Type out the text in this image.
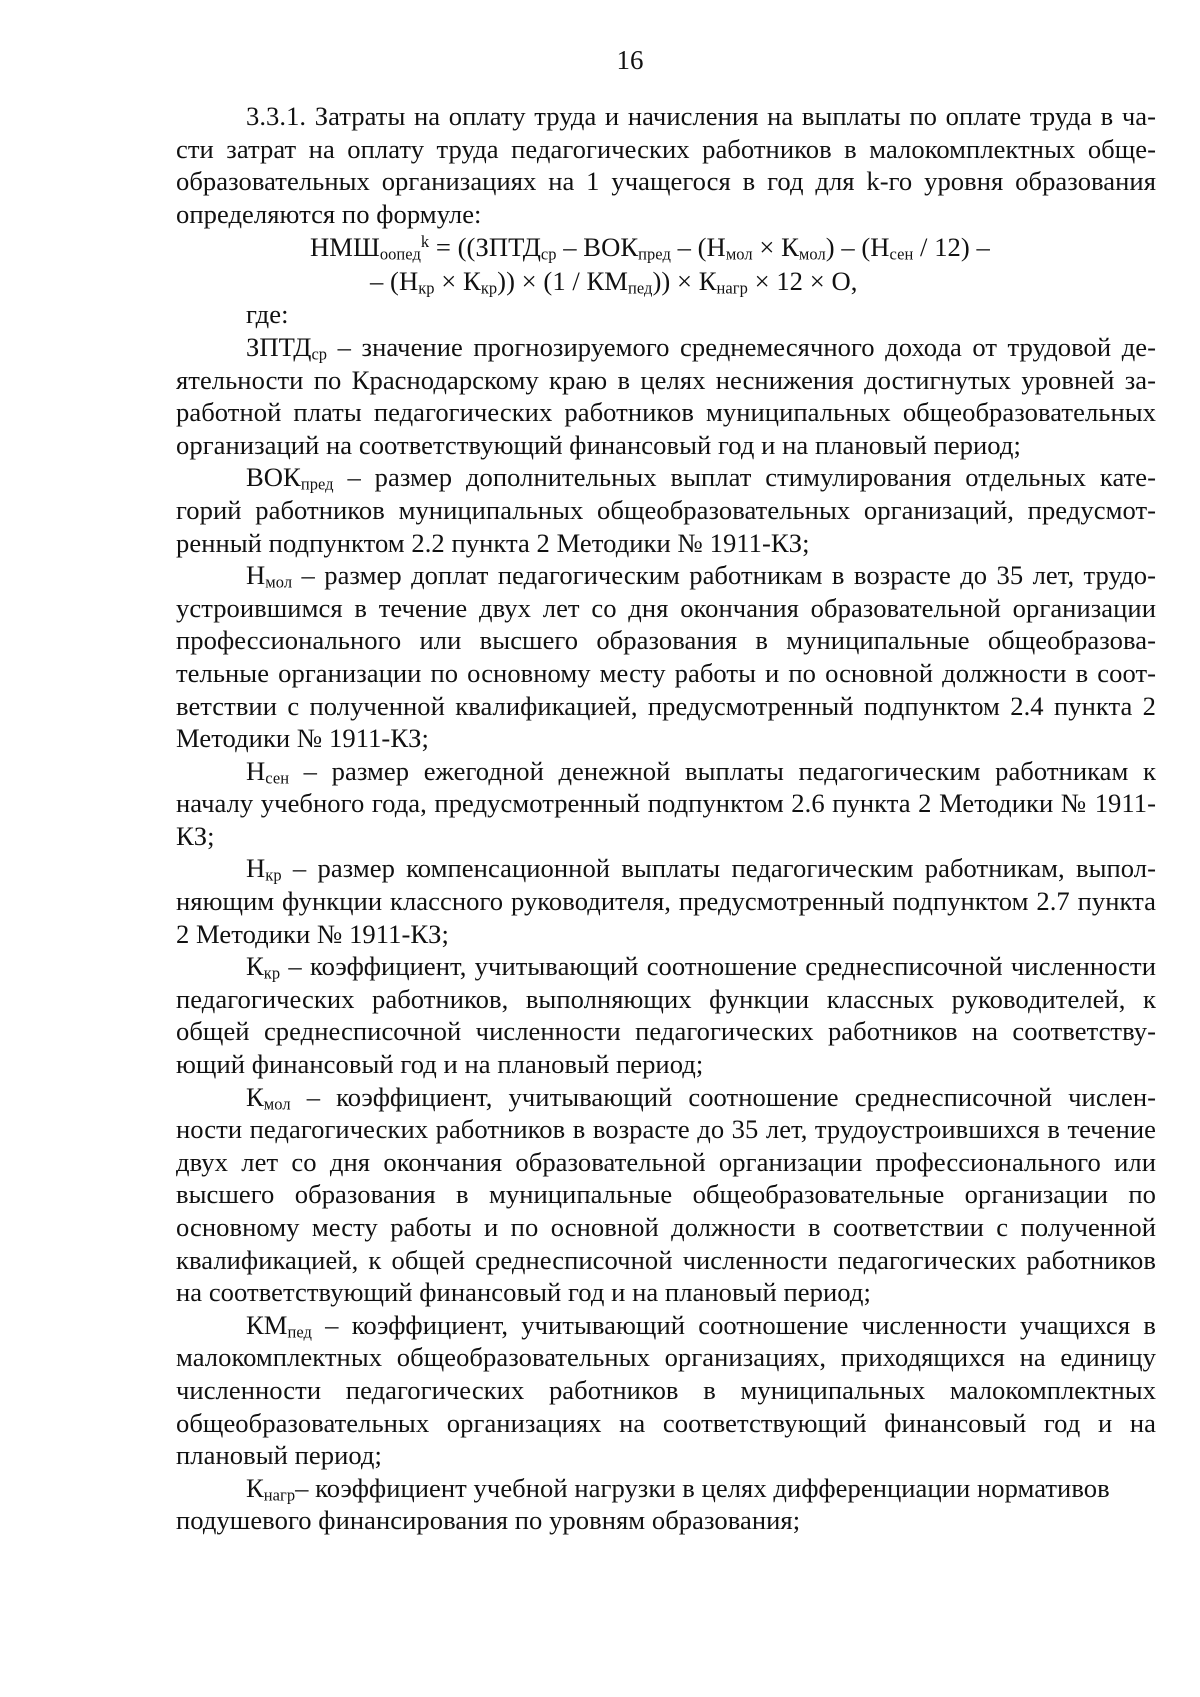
16

3.3.1. Затраты на оплату труда и начисления на выплаты по оплате труда в части затрат на оплату труда педагогических работников в малокомплектных общеобразовательных организациях на 1 учащегося в год для k-го уровня образования определяются по формуле:

$НМШ_{оопед}^k$ = (($ЗПТД_{ср} - ВОК_{пред} - (Н_{мол} \times К_{мол}) - (Н_{сен} / 12)$ –

– $(Н_{кр} \times К_{кр})) \times (1 / КМ_{пед})) \times К_{нагр} \times 12 \times О$,

где:

$ЗПТД_{ср}$ – значение прогнозируемого среднемесячного дохода от трудовой деятельности по Краснодарскому краю в целях неснижения достигнутых уровней заработной платы педагогических работников муниципальных общеобразовательных организаций на соответствующий финансовый год и на плановый период;

$ВОК_{пред}$ – размер дополнительных выплат стимулирования отдельных категорий работников муниципальных общеобразовательных организаций, предусмотренный подпунктом 2.2 пункта 2 Методики № 1911-КЗ;

$Н_{мол}$ – размер доплат педагогическим работникам в возрасте до 35 лет, трудоустроившимся в течение двух лет со дня окончания образовательной организации профессионального или высшего образования в муниципальные общеобразовательные организации по основному месту работы и по основной должности в соответствии с полученной квалификацией, предусмотренный подпунктом 2.4 пункта 2 Методики № 1911-КЗ;

$Н_{сен}$ – размер ежегодной денежной выплаты педагогическим работникам к началу учебного года, предусмотренный подпунктом 2.6 пункта 2 Методики № 1911-КЗ;

$Н_{кр}$ – размер компенсационной выплаты педагогическим работникам, выполняющим функции классного руководителя, предусмотренный подпунктом 2.7 пункта 2 Методики № 1911-КЗ;

$К_{кр}$ – коэффициент, учитывающий соотношение среднесписочной численности педагогических работников, выполняющих функции классных руководителей, к общей среднесписочной численности педагогических работников на соответствующий финансовый год и на плановый период;

$К_{мол}$ – коэффициент, учитывающий соотношение среднесписочной численности педагогических работников в возрасте до 35 лет, трудоустроившихся в течение двух лет со дня окончания образовательной организации профессионального или высшего образования в муниципальные общеобразовательные организации по основному месту работы и по основной должности в соответствии с полученной квалификацией, к общей среднесписочной численности педагогических работников на соответствующий финансовый год и на плановый период;

$КМ_{пед}$ – коэффициент, учитывающий соотношение численности учащихся в малокомплектных общеобразовательных организациях, приходящихся на единицу численности педагогических работников в муниципальных малокомплектных общеобразовательных организациях на соответствующий финансовый год и на плановый период;

$К_{нагр}-$ коэффициент учебной нагрузки в целях дифференциации нормативов подушевого финансирования по уровням образования;
